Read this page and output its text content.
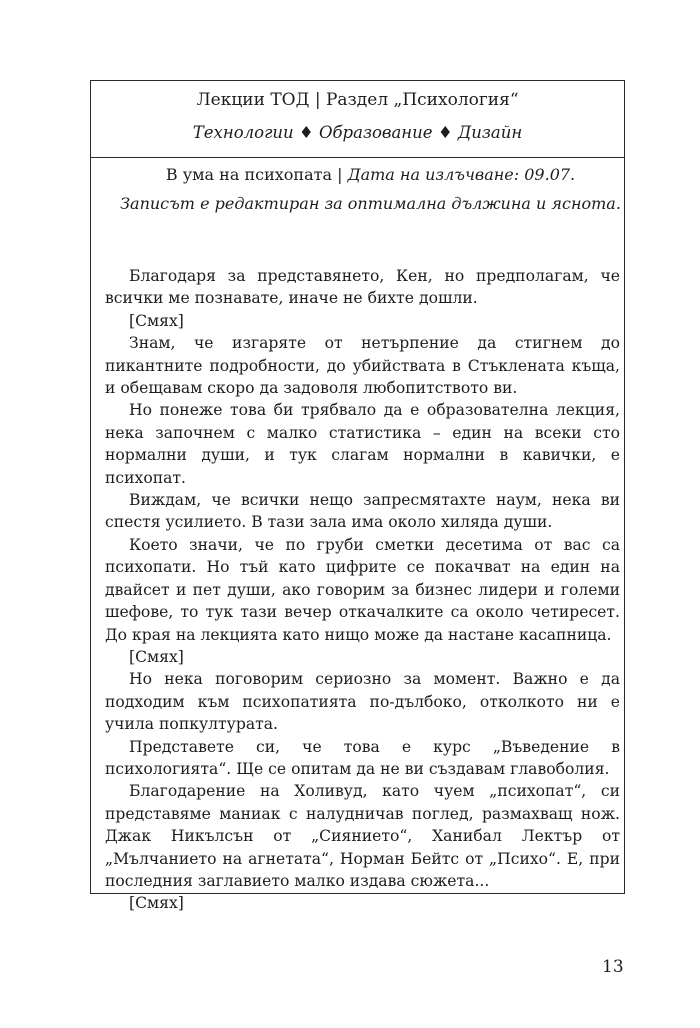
Лекции ТОД | Раздел „Психология“
Технологии ♦ Образование ♦ Дизайн
В ума на психопата | Дата на излъчване: 09.07.
Записът е редактиран за оптимална дължина и яснота.

Благодаря за представянето, Кен, но предполагам, че всички ме познавате, иначе не бихте дошли.

[Смях]

Знам, че изгаряте от нетърпение да стигнем до пикантните подробности, до убийствата в Стъклената къща, и обещавам скоро да задоволя любопитството ви.

Но понеже това би трябвало да е образователна лекция, нека започнем с малко статистика – един на всеки сто нормални души, и тук слагам нормални в кавички, е психопат.

Виждам, че всички нещо запресмятахте наум, нека ви спестя усилието. В тази зала има около хиляда души.

Което значи, че по груби сметки десетима от вас са психопати. Но тъй като цифрите се покачват на един на двайсет и пет души, ако говорим за бизнес лидери и големи шефове, то тук тази вечер откачалките са около четиресет. До края на лекцията като нищо може да настане касапница.

[Смях]

Но нека поговорим сериозно за момент. Важно е да подходим към психопатията по-дълбоко, отколкото ни е учила попкултурата.

Представете си, че това е курс „Въведение в психологията“. Ще се опитам да не ви създавам главоболия.

Благодарение на Холивуд, като чуем „психопат“, си представяме маниак с налудничав поглед, размахващ нож. Джак Никълсън от „Сиянието“, Ханибал Лектър от „Мълчанието на агнетата“, Норман Бейтс от „Психо“. Е, при последния заглавието малко издава сюжета...

[Смях]

13
